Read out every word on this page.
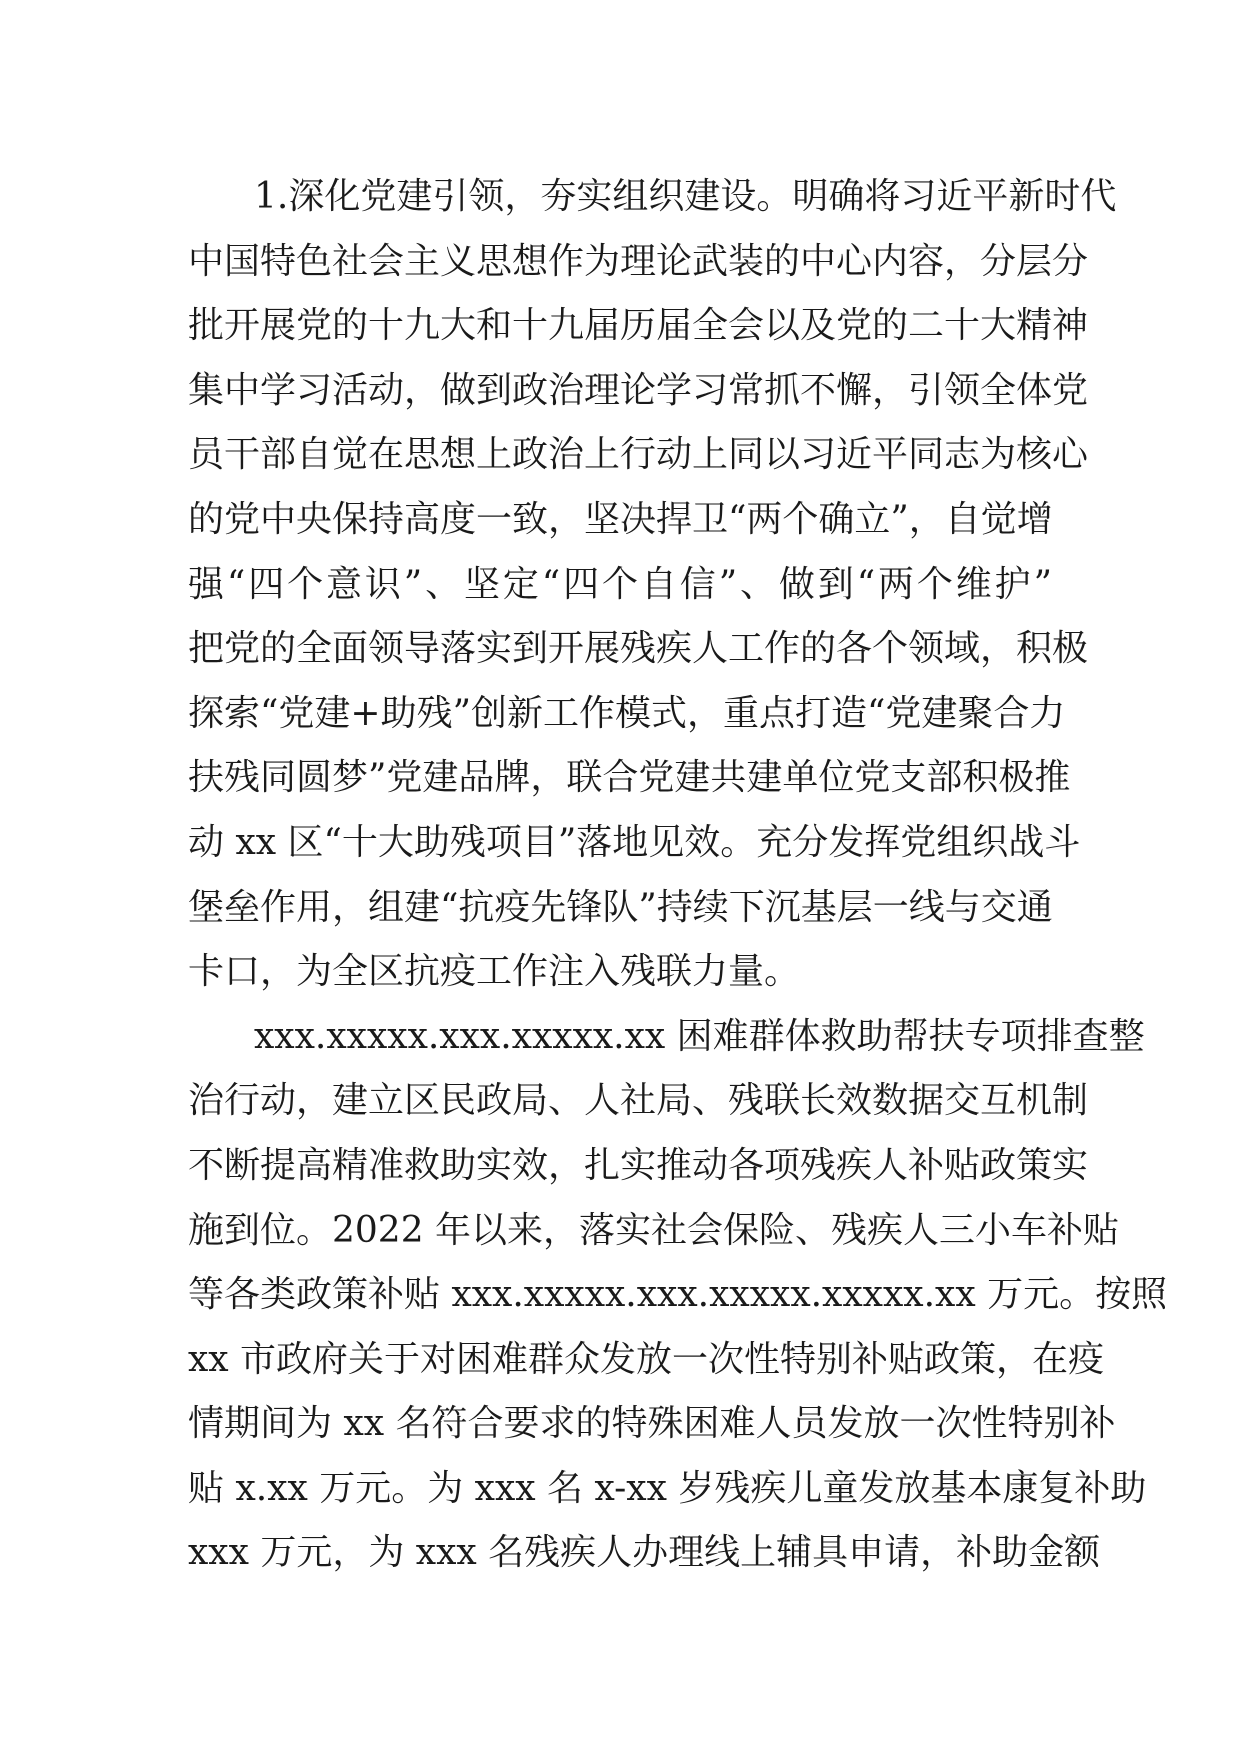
1.深化党建引领，夯实组织建设。明确将习近平新时代
中国特色社会主义思想作为理论武装的中心内容，分层分
批开展党的十九大和十九届历届全会以及党的二十大精神
集中学习活动，做到政治理论学习常抓不懈，引领全体党
员干部自觉在思想上政治上行动上同以习近平同志为核心
的党中央保持高度一致，坚决捍卫“两个确立”，自觉增
强“四个意识”、坚定“四个自信”、做到“两个维护”
把党的全面领导落实到开展残疾人工作的各个领域，积极
探索“党建+助残”创新工作模式，重点打造“党建聚合力
扶残同圆梦”党建品牌，联合党建共建单位党支部积极推
动 xx 区“十大助残项目”落地见效。充分发挥党组织战斗
堡垒作用，组建“抗疫先锋队”持续下沉基层一线与交通
卡口，为全区抗疫工作注入残联力量。
xxx.xxxxx.xxx.xxxxx.xx 困难群体救助帮扶专项排查整
治行动，建立区民政局、人社局、残联长效数据交互机制
不断提高精准救助实效，扎实推动各项残疾人补贴政策实
施到位。2022 年以来，落实社会保险、残疾人三小车补贴
等各类政策补贴 xxx.xxxxx.xxx.xxxxx.xxxxx.xx 万元。按照
xx 市政府关于对困难群众发放一次性特别补贴政策，在疫
情期间为 xx 名符合要求的特殊困难人员发放一次性特别补
贴 x.xx 万元。为 xxx 名 x-xx 岁残疾儿童发放基本康复补助
xxx 万元，为 xxx 名残疾人办理线上辅具申请，补助金额
